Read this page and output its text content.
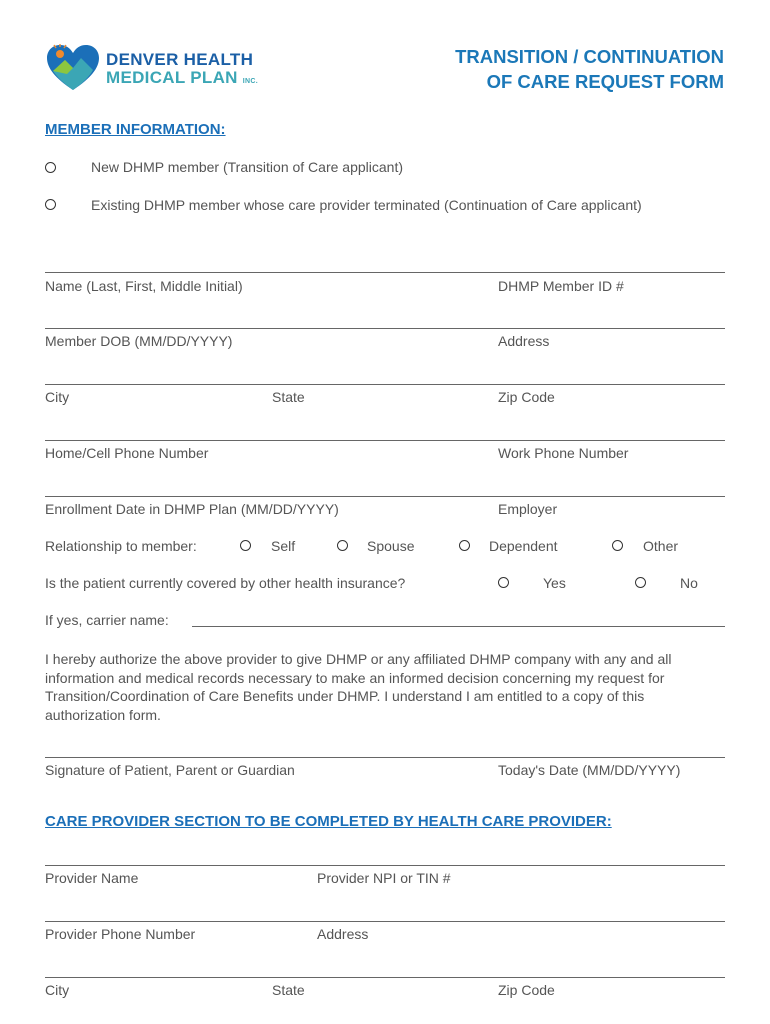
DENVER HEALTH
MEDICAL PLAN INC.
TRANSITION / CONTINUATION
OF CARE REQUEST FORM
MEMBER INFORMATION:
New DHMP member (Transition of Care applicant)
Existing DHMP member whose care provider terminated (Continuation of Care applicant)
Name (Last, First, Middle Initial)	DHMP Member ID #
Member DOB (MM/DD/YYYY)	Address
City	State	Zip Code
Home/Cell Phone Number	Work Phone Number
Enrollment Date in DHMP Plan (MM/DD/YYYY)	Employer
Relationship to member:	Self	Spouse	Dependent	Other
Is the patient currently covered by other health insurance?	Yes	No
If yes, carrier name:
I hereby authorize the above provider to give DHMP or any affiliated DHMP company with any and all information and medical records necessary to make an informed decision concerning my request for Transition/Coordination of Care Benefits under DHMP. I understand I am entitled to a copy of this authorization form.
Signature of Patient, Parent or Guardian	Today's Date (MM/DD/YYYY)
CARE PROVIDER SECTION TO BE COMPLETED BY HEALTH CARE PROVIDER:
Provider Name	Provider NPI or TIN #
Provider Phone Number	Address
City	State	Zip Code
